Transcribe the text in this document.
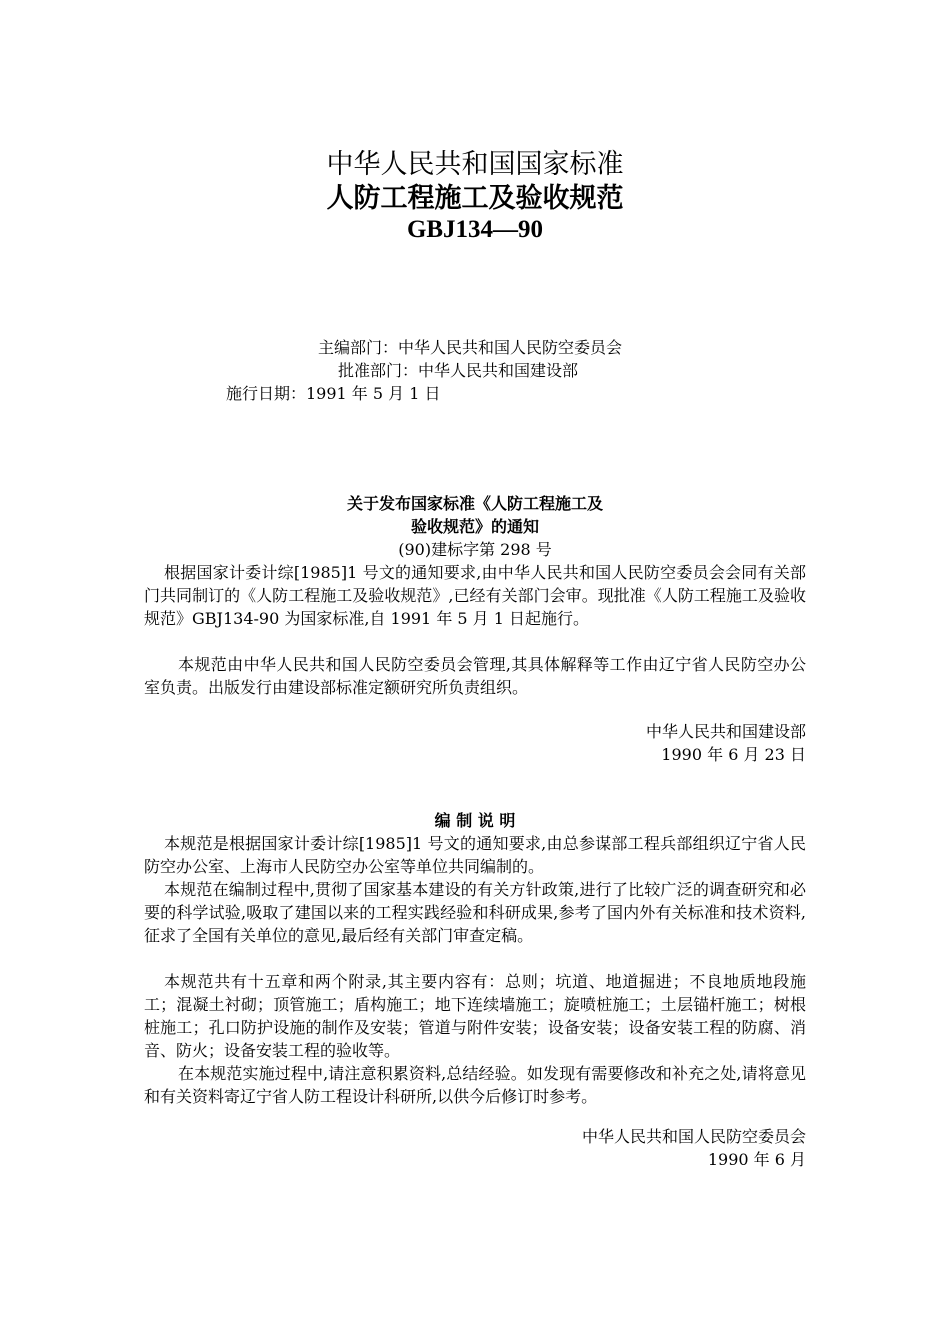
中华人民共和国国家标准
人防工程施工及验收规范
GBJ134—90
主编部门：中华人民共和国人民防空委员会
批准部门：中华人民共和国建设部
施行日期：1991 年 5 月 1 日
关于发布国家标准《人防工程施工及
验收规范》的通知
(90)建标字第 298 号
根据国家计委计综[1985]1 号文的通知要求,由中华人民共和国人民防空委员会会同有关部门共同制订的《人防工程施工及验收规范》,已经有关部门会审。现批准《人防工程施工及验收规范》GBJ134-90 为国家标准,自 1991 年 5 月 1 日起施行。
本规范由中华人民共和国人民防空委员会管理,其具体解释等工作由辽宁省人民防空办公室负责。出版发行由建设部标准定额研究所负责组织。
中华人民共和国建设部
1990 年 6 月 23 日
编 制 说 明
本规范是根据国家计委计综[1985]1 号文的通知要求,由总参谋部工程兵部组织辽宁省人民防空办公室、上海市人民防空办公室等单位共同编制的。
本规范在编制过程中,贯彻了国家基本建设的有关方针政策,进行了比较广泛的调查研究和必要的科学试验,吸取了建国以来的工程实践经验和科研成果,参考了国内外有关标准和技术资料,征求了全国有关单位的意见,最后经有关部门审查定稿。
本规范共有十五章和两个附录,其主要内容有：总则；坑道、地道掘进；不良地质地段施工；混凝土衬砌；顶管施工；盾构施工；地下连续墙施工；旋喷桩施工；土层锚杆施工；树根桩施工；孔口防护设施的制作及安装；管道与附件安装；设备安装；设备安装工程的防腐、消音、防火；设备安装工程的验收等。
在本规范实施过程中,请注意积累资料,总结经验。如发现有需要修改和补充之处,请将意见和有关资料寄辽宁省人防工程设计科研所,以供今后修订时参考。
中华人民共和国人民防空委员会
1990 年 6 月
